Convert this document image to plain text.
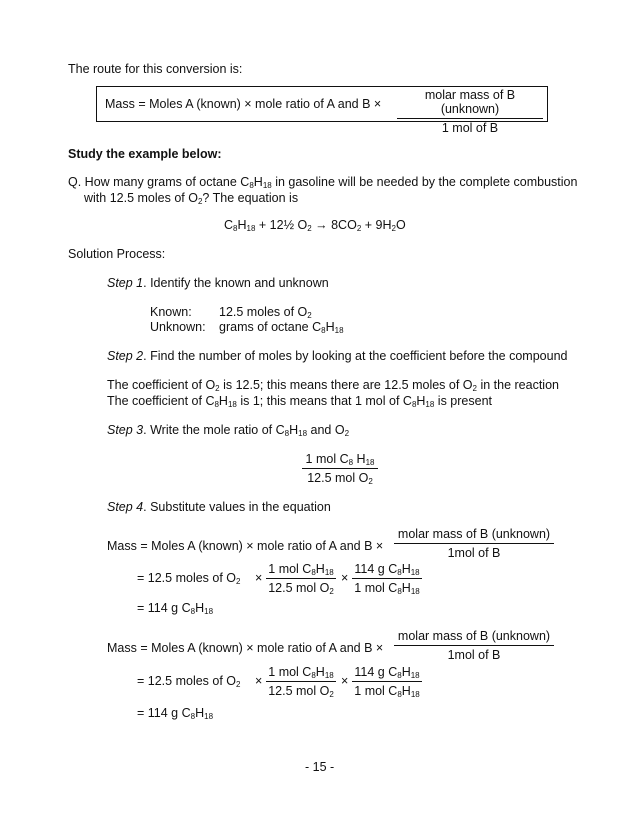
The route for this conversion is:
Mass = Moles A (known) × mole ratio of A and B ×
molar mass of B (unknown)
1 mol of B
Study the example below:
Q. How many grams of octane $C_8H_{18}$ in gasoline will be needed by the complete combustion
with 12.5 moles of $O_2$? The equation is
$C_8H_{18}$ + 12½ $O_2 \to 8CO_2 + 9H_2O$
Solution Process:
Step 1. Identify the known and unknown
Known: 12.5 moles of $O_2$
Unknown: grams of octane $C_8H_{18}$
Step 2. Find the number of moles by looking at the coefficient before the compound
The coefficient of $O_2$ is 12.5; this means there are 12.5 moles of $O_2$ in the reaction
The coefficient of $C_8H_{18}$ is 1; this means that 1 mol of $C_8H_{18}$ is present
Step 3. Write the mole ratio of $C_8H_{18}$ and $O_2$
1 mol $C_8$ $H_{18}$
12.5 mol $O_2$
Step 4. Substitute values in the equation
Mass = Moles A (known) × mole ratio of A and B ×
molar mass of B (unknown)
1mol of B
= 12.5 moles of $O_2$ ×
1 mol $C_8H_{18}$
12.5 mol $O_2$
×
114 g $C_8H_{18}$
1 mol $C_8H_{18}$
= 114 g $C_8H_{18}$
Mass = Moles A (known) × mole ratio of A and B ×
molar mass of B (unknown)
1mol of B
= 12.5 moles of $O_2$ ×
1 mol $C_8H_{18}$
12.5 mol $O_2$
×
114 g $C_8H_{18}$
1 mol $C_8H_{18}$
= 114 g $C_8H_{18}$
- 15 -
